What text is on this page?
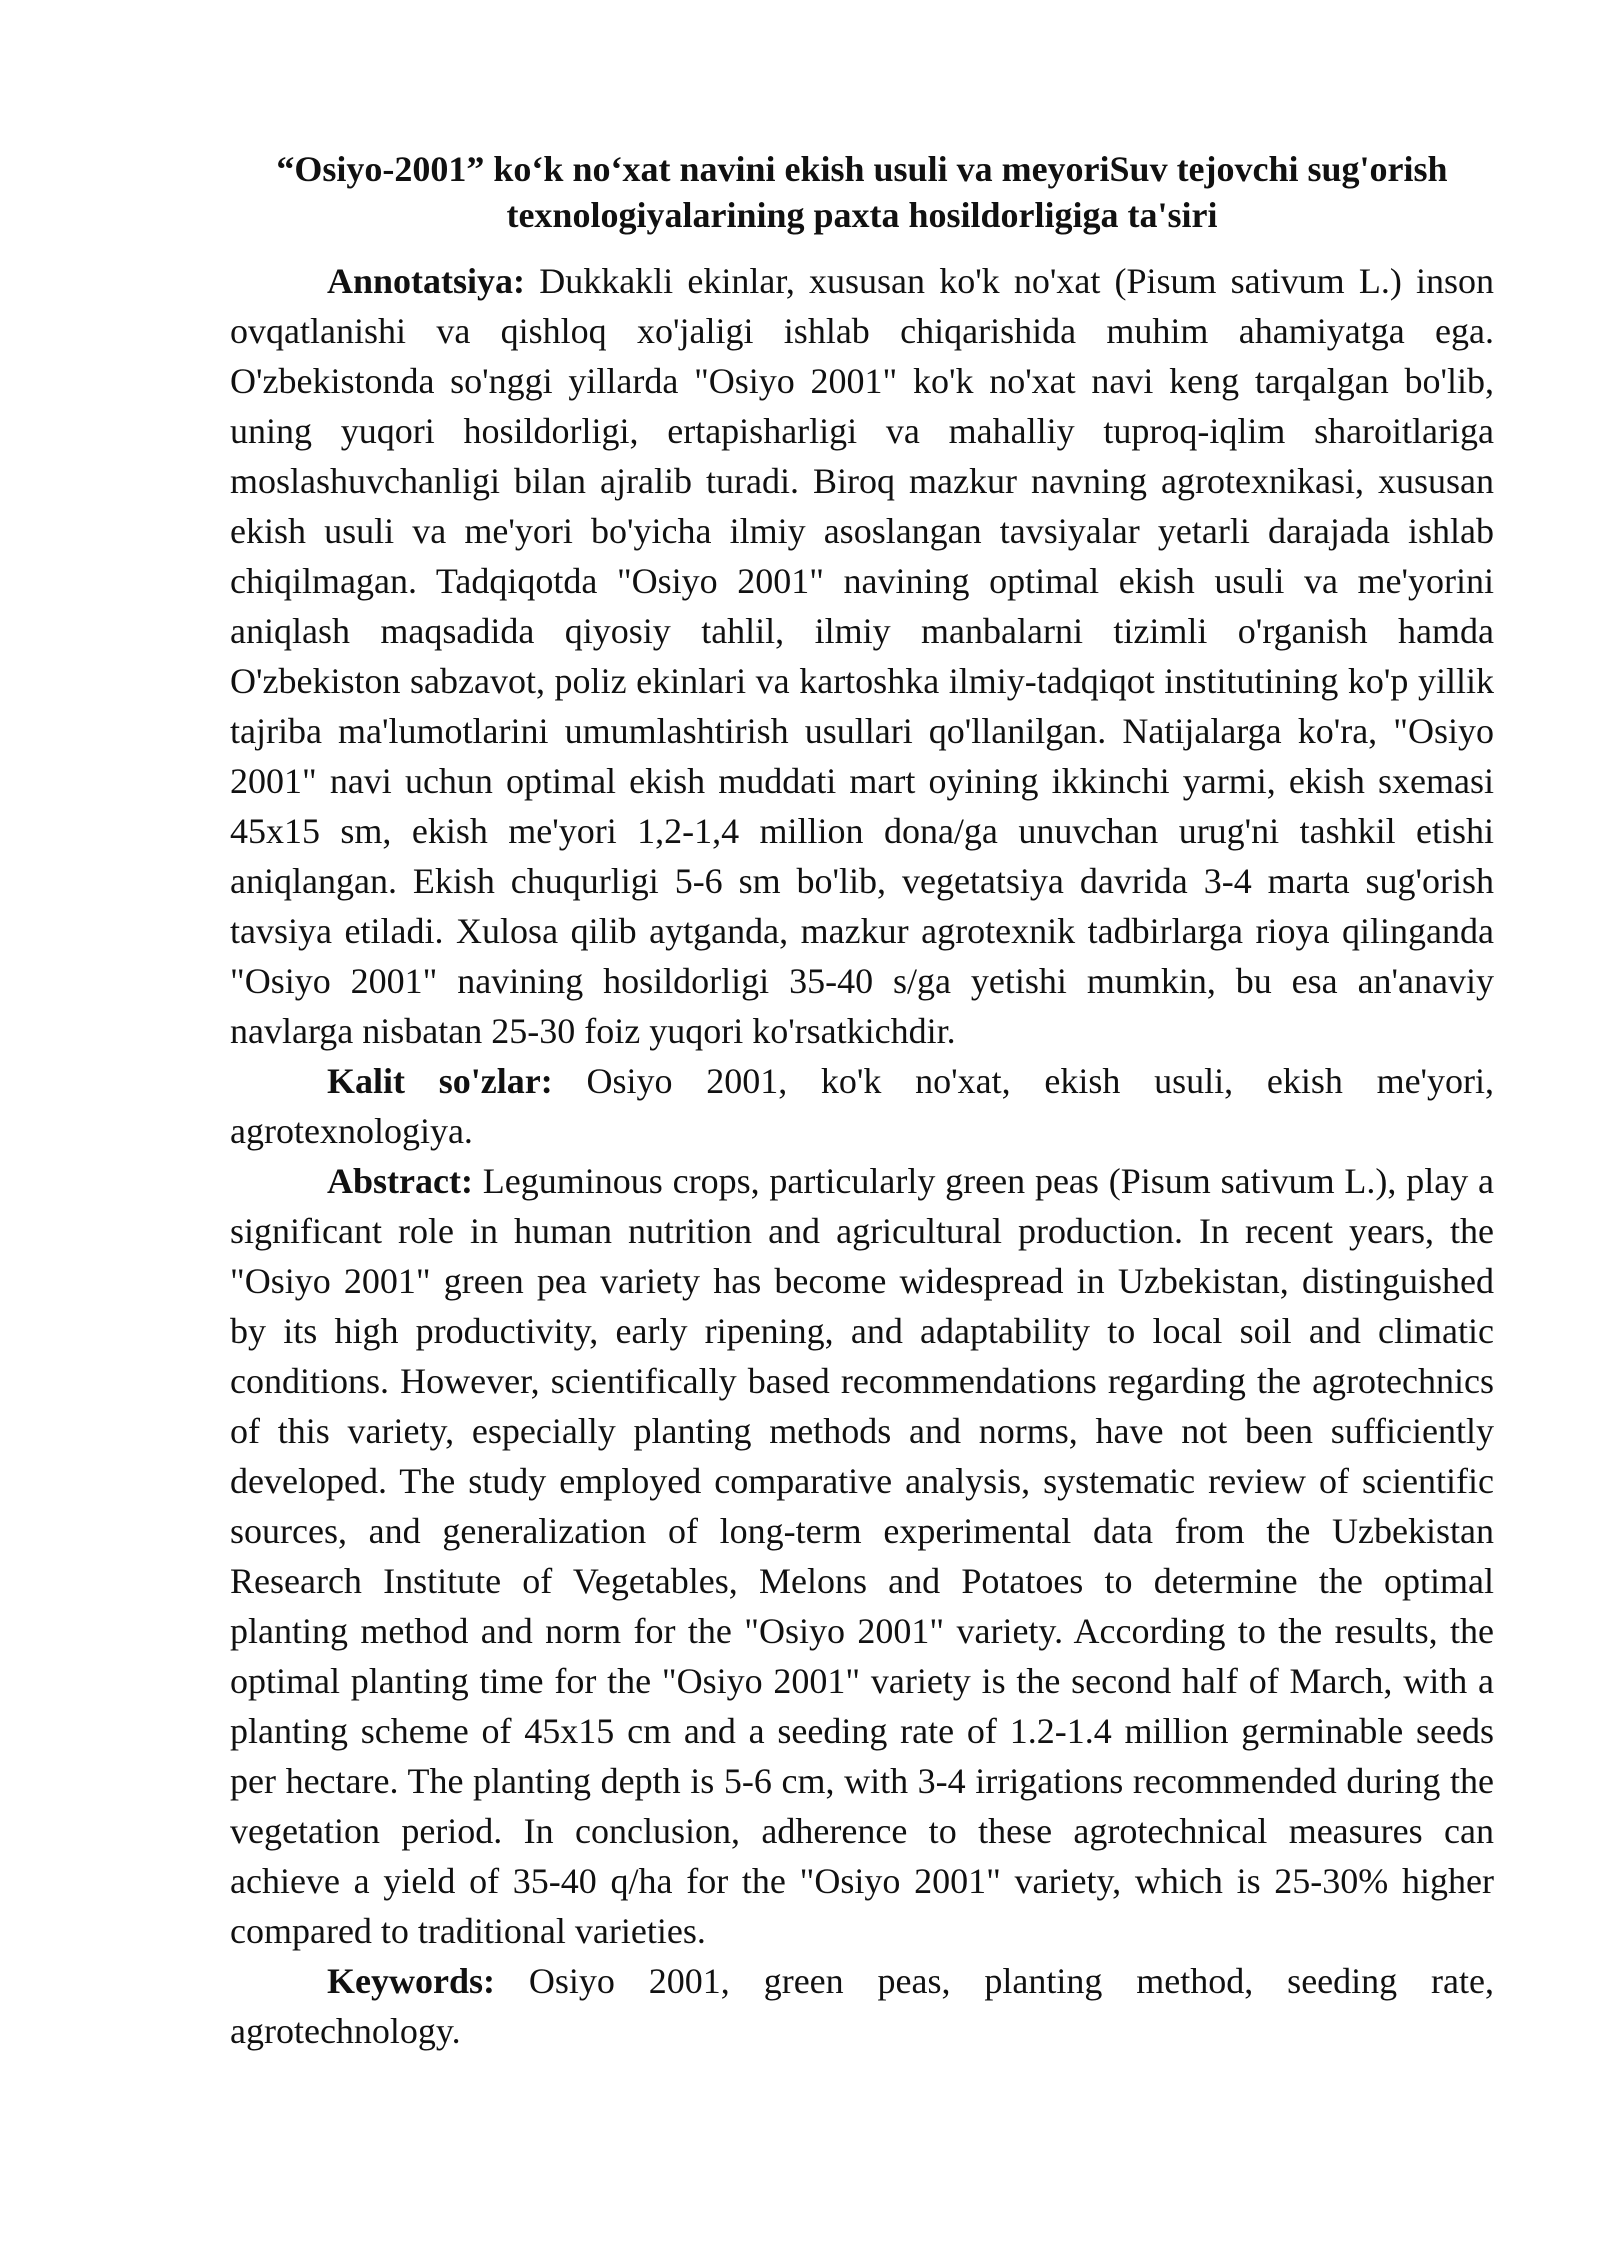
“Osiyo-2001” ko‘k no‘xat navini ekish usuli va meyoriSuv tejovchi sug'orish texnologiyalarining paxta hosildorligiga ta'siri

Annotatsiya: Dukkakli ekinlar, xususan ko'k no'xat (Pisum sativum L.) inson ovqatlanishi va qishloq xo'jaligi ishlab chiqarishida muhim ahamiyatga ega. O'zbekistonda so'nggi yillarda "Osiyo 2001" ko'k no'xat navi keng tarqalgan bo'lib, uning yuqori hosildorligi, ertapisharligi va mahalliy tuproq-iqlim sharoitlariga moslashuvchanligi bilan ajralib turadi. Biroq mazkur navning agrotexnikasi, xususan ekish usuli va me'yori bo'yicha ilmiy asoslangan tavsiyalar yetarli darajada ishlab chiqilmagan. Tadqiqotda "Osiyo 2001" navining optimal ekish usuli va me'yorini aniqlash maqsadida qiyosiy tahlil, ilmiy manbalarni tizimli o'rganish hamda O'zbekiston sabzavot, poliz ekinlari va kartoshka ilmiy-tadqiqot institutining ko'p yillik tajriba ma'lumotlarini umumlashtirish usullari qo'llanilgan. Natijalarga ko'ra, "Osiyo 2001" navi uchun optimal ekish muddati mart oyining ikkinchi yarmi, ekish sxemasi 45x15 sm, ekish me'yori 1,2-1,4 million dona/ga unuvchan urug'ni tashkil etishi aniqlangan. Ekish chuqurligi 5-6 sm bo'lib, vegetatsiya davrida 3-4 marta sug'orish tavsiya etiladi. Xulosa qilib aytganda, mazkur agrotexnik tadbirlarga rioya qilinganda "Osiyo 2001" navining hosildorligi 35-40 s/ga yetishi mumkin, bu esa an'anaviy navlarga nisbatan 25-30 foiz yuqori ko'rsatkichdir.

Kalit so'zlar: Osiyo 2001, ko'k no'xat, ekish usuli, ekish me'yori, agrotexnologiya.

Abstract: Leguminous crops, particularly green peas (Pisum sativum L.), play a significant role in human nutrition and agricultural production. In recent years, the "Osiyo 2001" green pea variety has become widespread in Uzbekistan, distinguished by its high productivity, early ripening, and adaptability to local soil and climatic conditions. However, scientifically based recommendations regarding the agrotechnics of this variety, especially planting methods and norms, have not been sufficiently developed. The study employed comparative analysis, systematic review of scientific sources, and generalization of long-term experimental data from the Uzbekistan Research Institute of Vegetables, Melons and Potatoes to determine the optimal planting method and norm for the "Osiyo 2001" variety. According to the results, the optimal planting time for the "Osiyo 2001" variety is the second half of March, with a planting scheme of 45x15 cm and a seeding rate of 1.2-1.4 million germinable seeds per hectare. The planting depth is 5-6 cm, with 3-4 irrigations recommended during the vegetation period. In conclusion, adherence to these agrotechnical measures can achieve a yield of 35-40 q/ha for the "Osiyo 2001" variety, which is 25-30% higher compared to traditional varieties.

Keywords: Osiyo 2001, green peas, planting method, seeding rate, agrotechnology.
